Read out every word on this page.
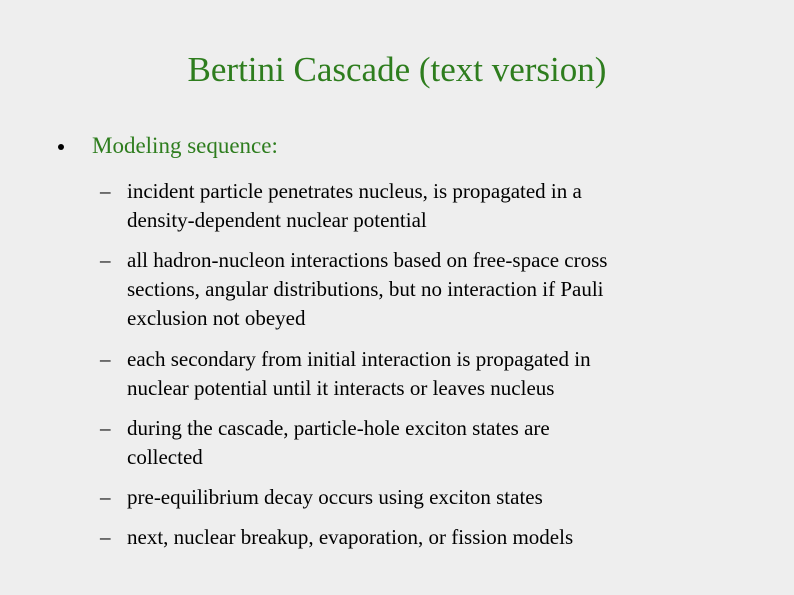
Bertini Cascade (text version)
Modeling sequence:
– incident particle penetrates nucleus, is propagated in a
density-dependent nuclear potential
– all hadron-nucleon interactions based on free-space cross
sections, angular distributions, but no interaction if Pauli
exclusion not obeyed
– each secondary from initial interaction is propagated in
nuclear potential until it interacts or leaves nucleus
– during the cascade, particle-hole exciton states are
collected
– pre-equilibrium decay occurs using exciton states
– next, nuclear breakup, evaporation, or fission models
